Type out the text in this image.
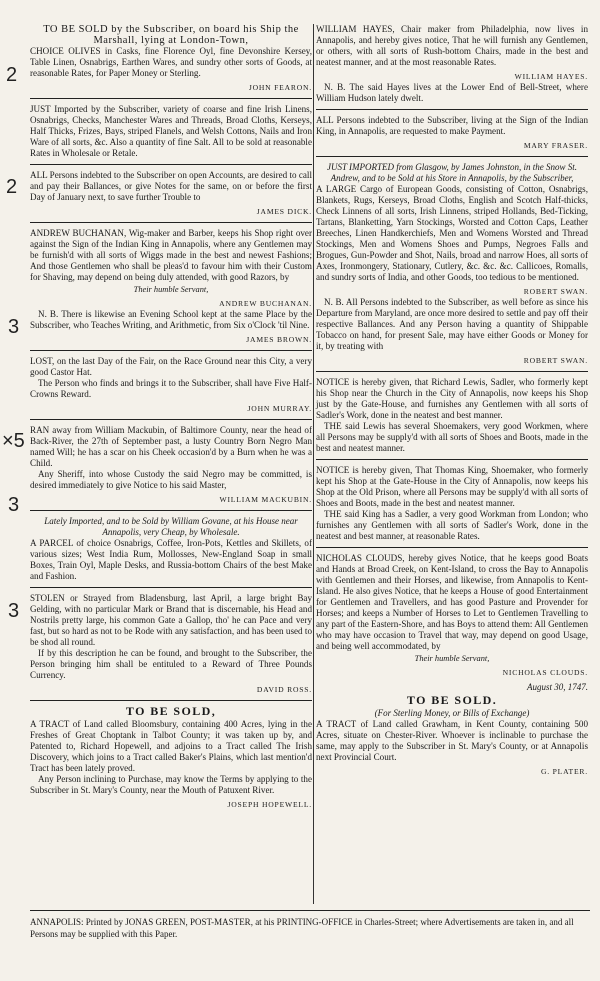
2
2
3
×5
3
3

TO BE SOLD by the Subscriber, on board his Ship the Marshall, lying at London-Town,

CHOICE OLIVES in Casks, fine Florence Oyl, fine Devonshire Kersey, Table Linen, Osnabrigs, Earthen Wares, and sundry other sorts of Goods, at reasonable Rates, for Paper Money or Sterling.

JOHN FEARON.

JUST Imported by the Subscriber, variety of coarse and fine Irish Linens, Osnabrigs, Checks, Manchester Wares and Threads, Broad Cloths, Kerseys, Half Thicks, Frizes, Bays, striped Flanels, and Welsh Cottons, Nails and Iron Ware of all sorts, &c. Also a quantity of fine Salt. All to be sold at reasonable Rates in Wholesale or Retale.

ALL Persons indebted to the Subscriber on open Accounts, are desired to call and pay their Ballances, or give Notes for the same, on or before the first Day of January next, to save further Trouble to

JAMES DICK.

ANDREW BUCHANAN, Wig-maker and Barber, keeps his Shop right over against the Sign of the Indian King in Annapolis, where any Gentlemen may be furnish'd with all sorts of Wiggs made in the best and newest Fashions; And those Gentlemen who shall be pleas'd to favour him with their Custom for Shaving, may depend on being duly attended, with good Razors, by

Their humble Servant,
ANDREW BUCHANAN.

N. B. There is likewise an Evening School kept at the same Place by the Subscriber, who Teaches Writing, and Arithmetic, from Six o'Clock 'til Nine.

JAMES BROWN.

LOST, on the last Day of the Fair, on the Race Ground near this City, a very good Castor Hat.

The Person who finds and brings it to the Subscriber, shall have Five Half-Crowns Reward.

JOHN MURRAY.

RAN away from William Mackubin, of Baltimore County, near the head of Back-River, the 27th of September past, a lusty Country Born Negro Man named Will; he has a scar on his Cheek occasion'd by a Burn when he was a Child.

Any Sheriff, into whose Custody the said Negro may be committed, is desired immediately to give Notice to his said Master,

WILLIAM MACKUBIN.

Lately Imported, and to be Sold by William Govane, at his House near Annapolis, very Cheap, by Wholesale.

A PARCEL of choice Osnabrigs, Coffee, Iron-Pots, Kettles and Skillets, of various sizes; West India Rum, Mollosses, New-England Soap in small Boxes, Train Oyl, Maple Desks, and Russia-bottom Chairs of the best Make and Fashion.

STOLEN or Strayed from Bladensburg, last April, a large bright Bay Gelding, with no particular Mark or Brand that is discernable, his Head and Nostrils pretty large, his common Gate a Gallop, tho' he can Pace and very fast, but so hard as not to be Rode with any satisfaction, and has been used to be shod all round.

If by this description he can be found, and brought to the Subscriber, the Person bringing him shall be entituled to a Reward of Three Pounds Currency.

DAVID ROSS.
TO BE SOLD,

A TRACT of Land called Bloomsbury, containing 400 Acres, lying in the Freshes of Great Choptank in Talbot County; it was taken up by, and Patented to, Richard Hopewell, and adjoins to a Tract called The Irish Discovery, which joins to a Tract called Baker's Plains, which last mention'd Tract has been lately proved.

Any Person inclining to Purchase, may know the Terms by applying to the Subscriber in St. Mary's County, near the Mouth of Patuxent River.

JOSEPH HOPEWELL.

WILLIAM HAYES, Chair maker from Philadelphia, now lives in Annapolis, and hereby gives notice, That he will furnish any Gentlemen, or others, with all sorts of Rush-bottom Chairs, made in the best and neatest manner, and at the most reasonable Rates.

WILLIAM HAYES.

N. B. The said Hayes lives at the Lower End of Bell-Street, where William Hudson lately dwelt.

ALL Persons indebted to the Subscriber, living at the Sign of the Indian King, in Annapolis, are requested to make Payment.

MARY FRASER.

JUST IMPORTED from Glasgow, by James Johnston, in the Snow St. Andrew, and to be Sold at his Store in Annapolis, by the Subscriber,

A LARGE Cargo of European Goods, consisting of Cotton, Osnabrigs, Blankets, Rugs, Kerseys, Broad Cloths, English and Scotch Half-thicks, Check Linnens of all sorts, Irish Linnens, striped Hollands, Bed-Ticking, Tartans, Blanketting, Yarn Stockings, Worsted and Cotton Caps, Leather Breeches, Linen Handkerchiefs, Men and Womens Worsted and Thread Stockings, Men and Womens Shoes and Pumps, Negroes Falls and Brogues, Gun-Powder and Shot, Nails, broad and narrow Hoes, all sorts of Axes, Ironmongery, Stationary, Cutlery, &c. &c. &c. Callicoes, Romalls, and sundry sorts of India, and other Goods, too tedious to be mentioned.

ROBERT SWAN.

N. B. All Persons indebted to the Subscriber, as well before as since his Departure from Maryland, are once more desired to settle and pay off their respective Ballances. And any Person having a quantity of Shippable Tobacco on hand, for present Sale, may have either Goods or Money for it, by treating with

ROBERT SWAN.

NOTICE is hereby given, that Richard Lewis, Sadler, who formerly kept his Shop near the Church in the City of Annapolis, now keeps his Shop just by the Gate-House, and furnishes any Gentlemen with all sorts of Sadler's Work, done in the neatest and best manner.

THE said Lewis has several Shoemakers, very good Workmen, where all Persons may be supply'd with all sorts of Shoes and Boots, made in the best and neatest manner.

NOTICE is hereby given, That Thomas King, Shoemaker, who formerly kept his Shop at the Gate-House in the City of Annapolis, now keeps his Shop at the Old Prison, where all Persons may be supply'd with all sorts of Shoes and Boots, made in the best and neatest manner.

THE said King has a Sadler, a very good Workman from London; who furnishes any Gentlemen with all sorts of Sadler's Work, done in the neatest and best manner, at reasonable Rates.

NICHOLAS CLOUDS, hereby gives Notice, that he keeps good Boats and Hands at Broad Creek, on Kent-Island, to cross the Bay to Annapolis with Gentlemen and their Horses, and likewise, from Annapolis to Kent-Island. He also gives Notice, that he keeps a House of good Entertainment for Gentlemen and Travellers, and has good Pasture and Provender for Horses; and keeps a Number of Horses to Let to Gentlemen Travelling to any part of the Eastern-Shore, and has Boys to attend them: All Gentlemen who may have occasion to Travel that way, may depend on good Usage, and being well accommodated, by

Their humble Servant,
NICHOLAS CLOUDS.
August 30, 1747.
TO BE SOLD.
(For Sterling Money, or Bills of Exchange)

A TRACT of Land called Grawham, in Kent County, containing 500 Acres, situate on Chester-River. Whoever is inclinable to purchase the same, may apply to the Subscriber in St. Mary's County, or at Annapolis next Provincial Court.

G. PLATER.
ANNAPOLIS: Printed by JONAS GREEN, POST-MASTER, at his PRINTING-OFFICE in Charles-Street; where Advertisements are taken in, and all Persons may be supplied with this Paper.
